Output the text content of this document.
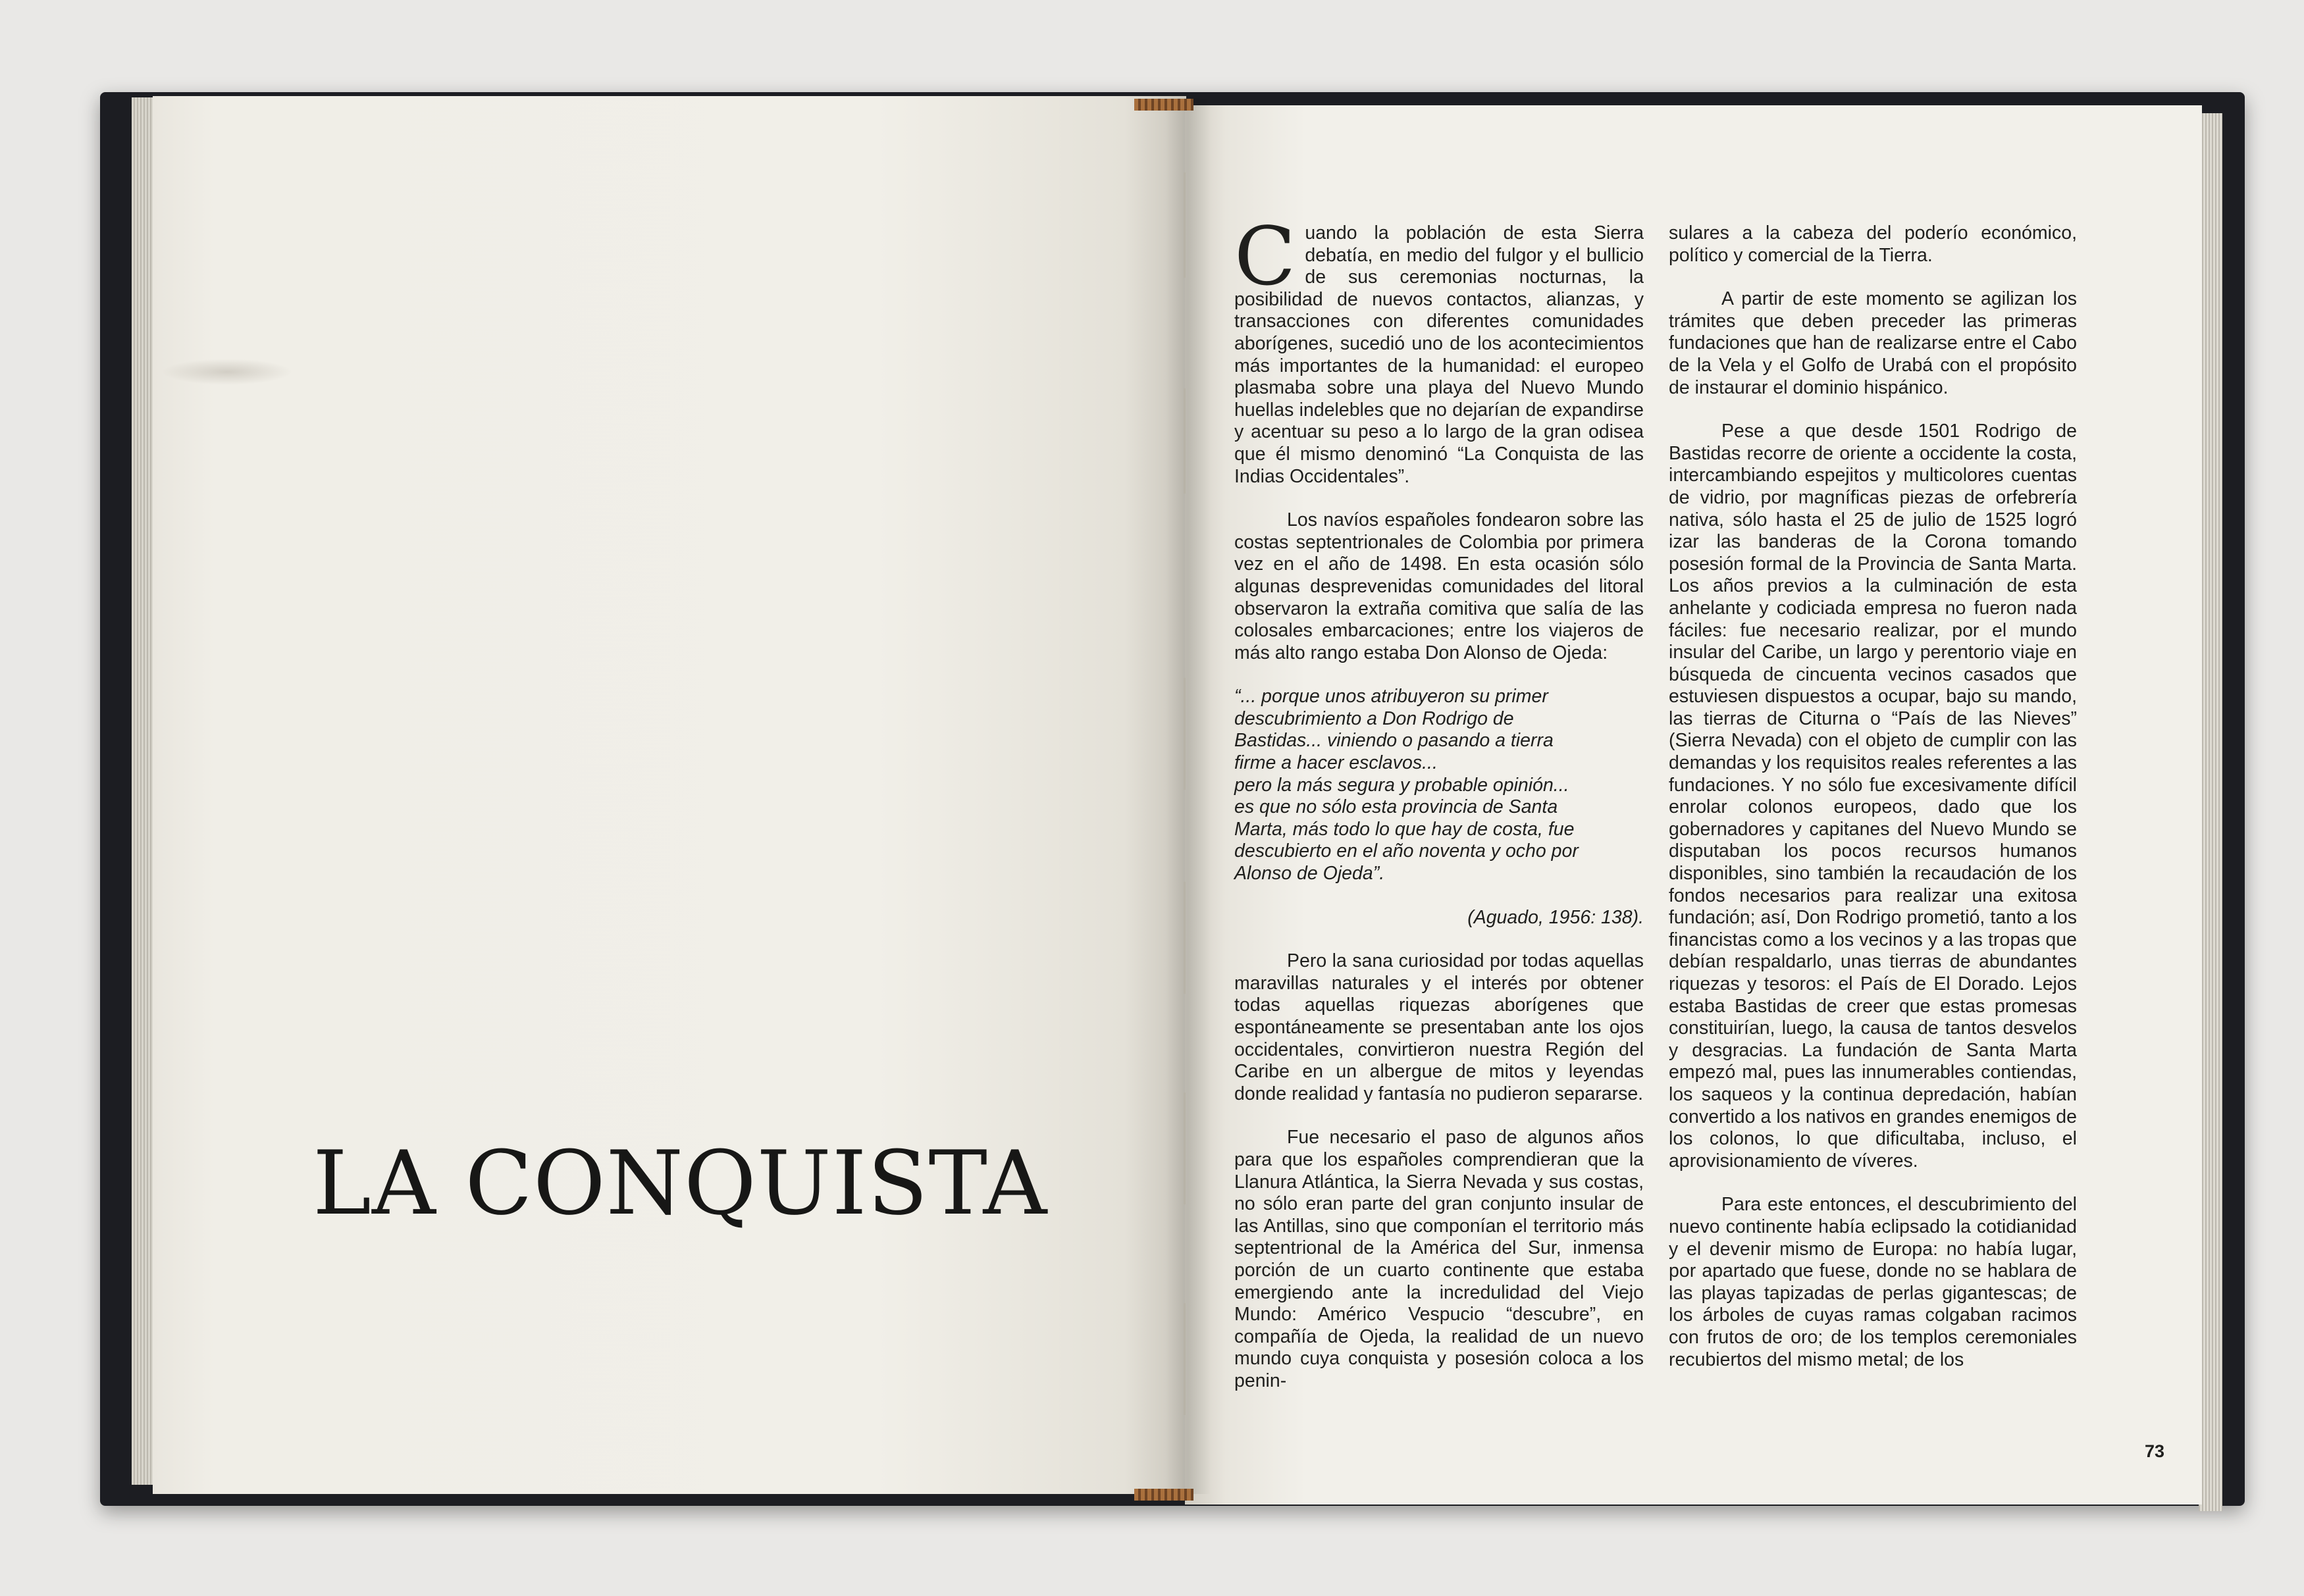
LA CONQUISTA

Cuando la población de esta Sierra debatía, en medio del fulgor y el bullicio de sus ceremonias nocturnas, la posibilidad de nuevos contactos, alianzas, y transacciones con diferentes comunidades aborígenes, sucedió uno de los acontecimientos más importantes de la humanidad: el europeo plasmaba sobre una playa del Nuevo Mundo huellas indelebles que no dejarían de expandirse y acentuar su peso a lo largo de la gran odisea que él mismo denominó “La Conquista de las Indias Occidentales”.

Los navíos españoles fondearon sobre las costas septentrionales de Colombia por primera vez en el año de 1498. En esta ocasión sólo algunas desprevenidas comunidades del litoral observaron la extraña comitiva que salía de las colosales embarcaciones; entre los viajeros de más alto rango estaba Don Alonso de Ojeda:

“... porque unos atribuyeron su primer
descubrimiento a Don Rodrigo de
Bastidas... viniendo o pasando a tierra
firme a hacer esclavos...
pero la más segura y probable opinión...
es que no sólo esta provincia de Santa
Marta, más todo lo que hay de costa, fue
descubierto en el año noventa y ocho por
Alonso de Ojeda”.

(Aguado, 1956: 138).

Pero la sana curiosidad por todas aquellas maravillas naturales y el interés por obtener todas aquellas riquezas aborígenes que espontáneamente se presentaban ante los ojos occidentales, convirtieron nuestra Región del Caribe en un albergue de mitos y leyendas donde realidad y fantasía no pudieron separarse.

Fue necesario el paso de algunos años para que los españoles comprendieran que la Llanura Atlántica, la Sierra Nevada y sus costas, no sólo eran parte del gran conjunto insular de las Antillas, sino que componían el territorio más septentrional de la América del Sur, inmensa porción de un cuarto continente que estaba emergiendo ante la incredulidad del Viejo Mundo: Américo Vespucio “descubre”, en compañía de Ojeda, la realidad de un nuevo mundo cuya conquista y posesión coloca a los penin-

sulares a la cabeza del poderío económico, político y comercial de la Tierra.

A partir de este momento se agilizan los trámites que deben preceder las primeras fundaciones que han de realizarse entre el Cabo de la Vela y el Golfo de Urabá con el propósito de instaurar el dominio hispánico.

Pese a que desde 1501 Rodrigo de Bastidas recorre de oriente a occidente la costa, intercambiando espejitos y multicolores cuentas de vidrio, por magníficas piezas de orfebrería nativa, sólo hasta el 25 de julio de 1525 logró izar las banderas de la Corona tomando posesión formal de la Provincia de Santa Marta. Los años previos a la culminación de esta anhelante y codiciada empresa no fueron nada fáciles: fue necesario realizar, por el mundo insular del Caribe, un largo y perentorio viaje en búsqueda de cincuenta vecinos casados que estuviesen dispuestos a ocupar, bajo su mando, las tierras de Citurna o “País de las Nieves” (Sierra Nevada) con el objeto de cumplir con las demandas y los requisitos reales referentes a las fundaciones. Y no sólo fue excesivamente difícil enrolar colonos europeos, dado que los gobernadores y capitanes del Nuevo Mundo se disputaban los pocos recursos humanos disponibles, sino también la recaudación de los fondos necesarios para realizar una exitosa fundación; así, Don Rodrigo prometió, tanto a los financistas como a los vecinos y a las tropas que debían respaldarlo, unas tierras de abundantes riquezas y tesoros: el País de El Dorado. Lejos estaba Bastidas de creer que estas promesas constituirían, luego, la causa de tantos desvelos y desgracias. La fundación de Santa Marta empezó mal, pues las innumerables contiendas, los saqueos y la continua depredación, habían convertido a los nativos en grandes enemigos de los colonos, lo que dificultaba, incluso, el aprovisionamiento de víveres.

Para este entonces, el descubrimiento del nuevo continente había eclipsado la cotidianidad y el devenir mismo de Europa: no había lugar, por apartado que fuese, donde no se hablara de las playas tapizadas de perlas gigantescas; de los árboles de cuyas ramas colgaban racimos con frutos de oro; de los templos ceremoniales recubiertos del mismo metal; de los

73
